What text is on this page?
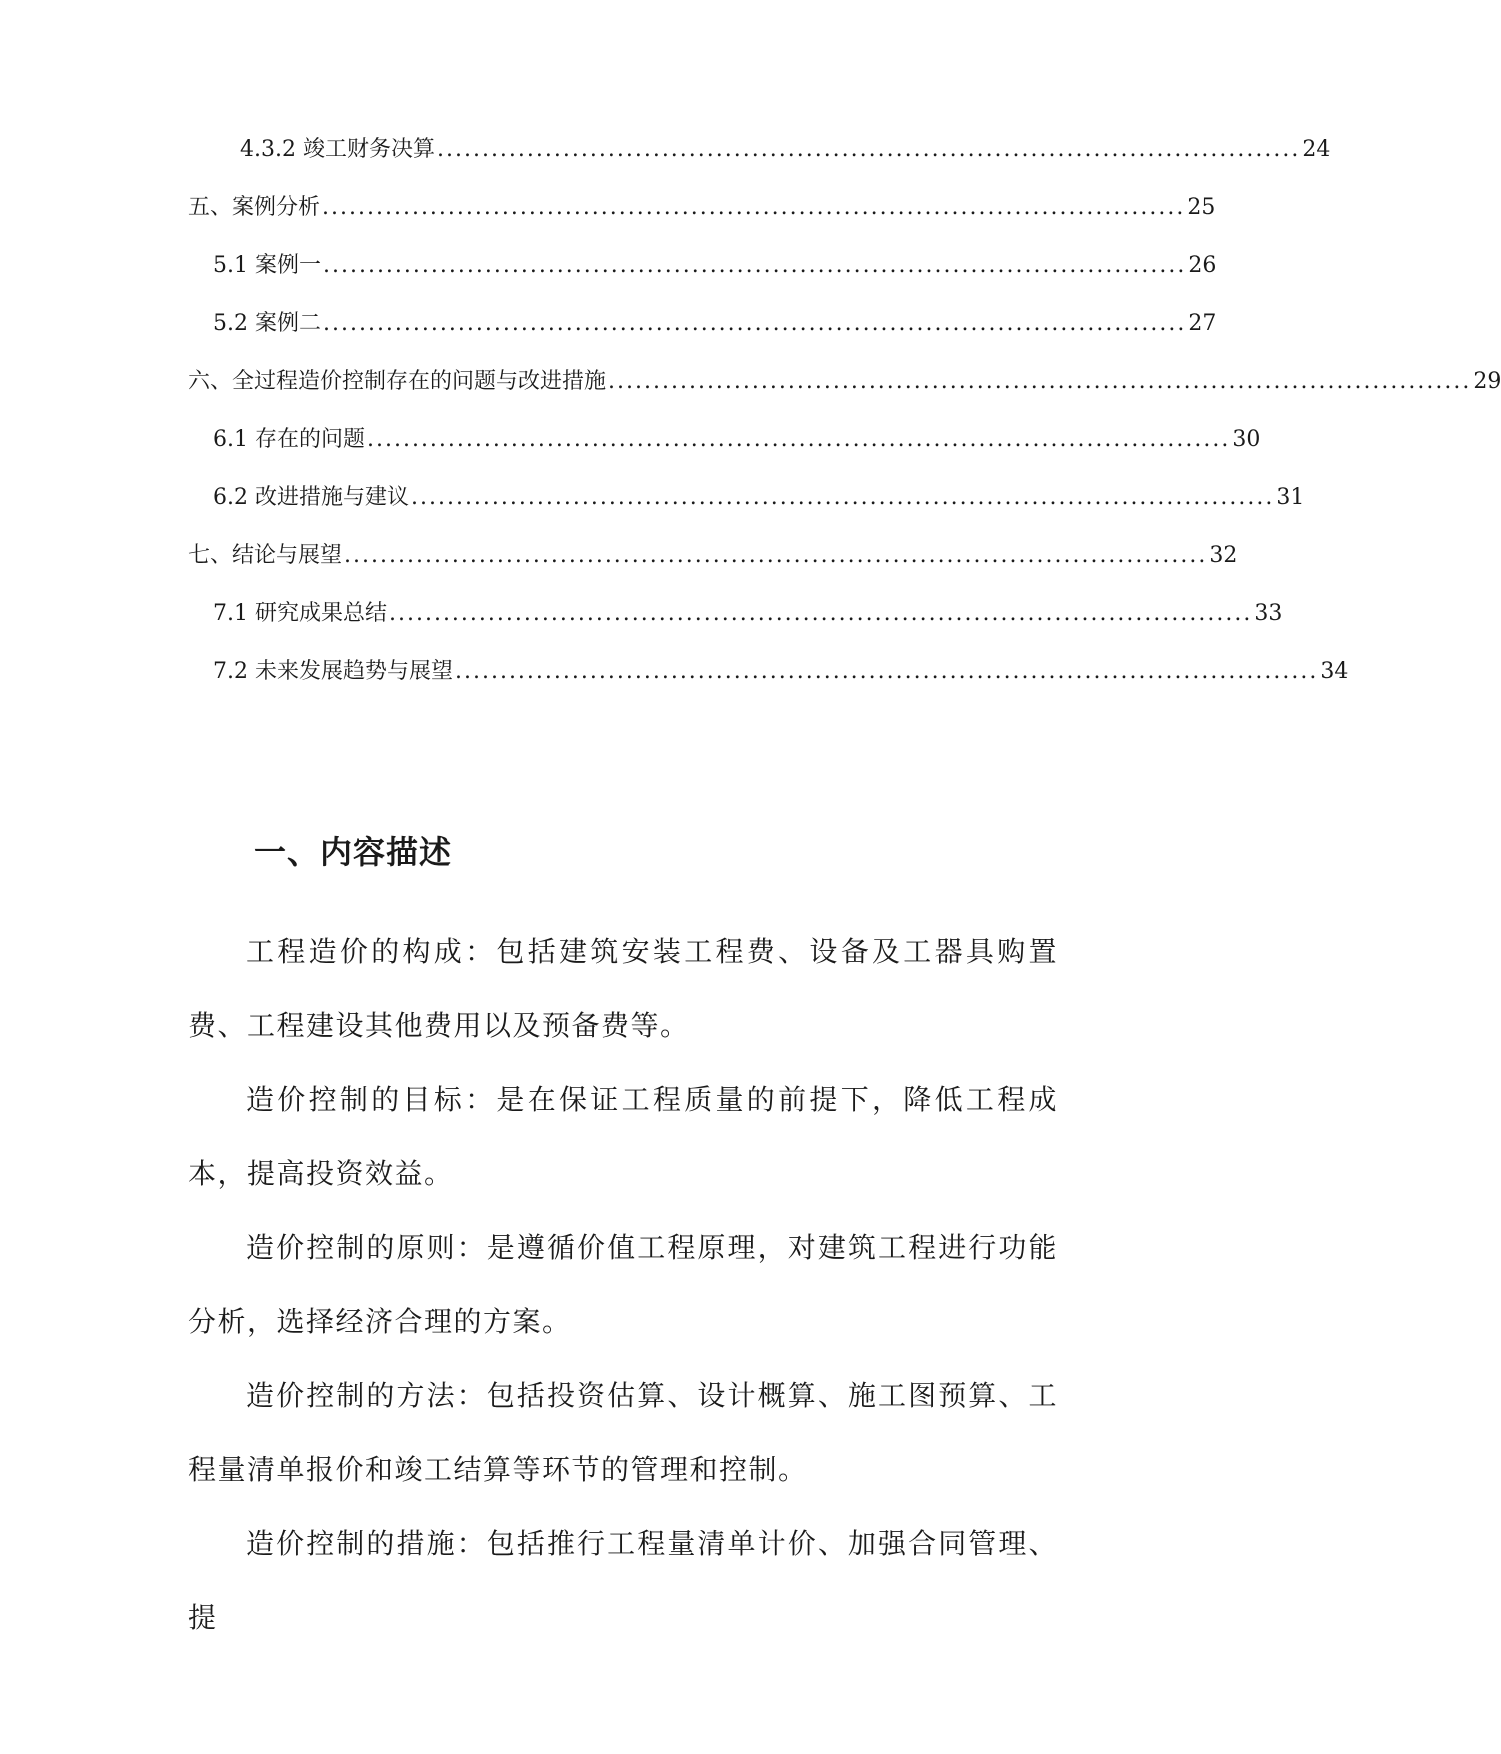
4.3.2 竣工财务决算 ................................................................................................ 24
五、案例分析 ................................................................................................ 25
5.1 案例一 ................................................................................................ 26
5.2 案例二 ................................................................................................ 27
六、全过程造价控制存在的问题与改进措施 ................................................................................................ 29
6.1 存在的问题 ................................................................................................ 30
6.2 改进措施与建议 ................................................................................................ 31
七、结论与展望 ................................................................................................ 32
7.1 研究成果总结 ................................................................................................ 33
7.2 未来发展趋势与展望 ................................................................................................ 34
一、内容描述

工程造价的构成：包括建筑安装工程费、设备及工器具购置费、工程建设其他费用以及预备费等。

造价控制的目标：是在保证工程质量的前提下，降低工程成本，提高投资效益。

造价控制的原则：是遵循价值工程原理，对建筑工程进行功能分析，选择经济合理的方案。

造价控制的方法：包括投资估算、设计概算、施工图预算、工程量清单报价和竣工结算等环节的管理和控制。

造价控制的措施：包括推行工程量清单计价、加强合同管理、提
